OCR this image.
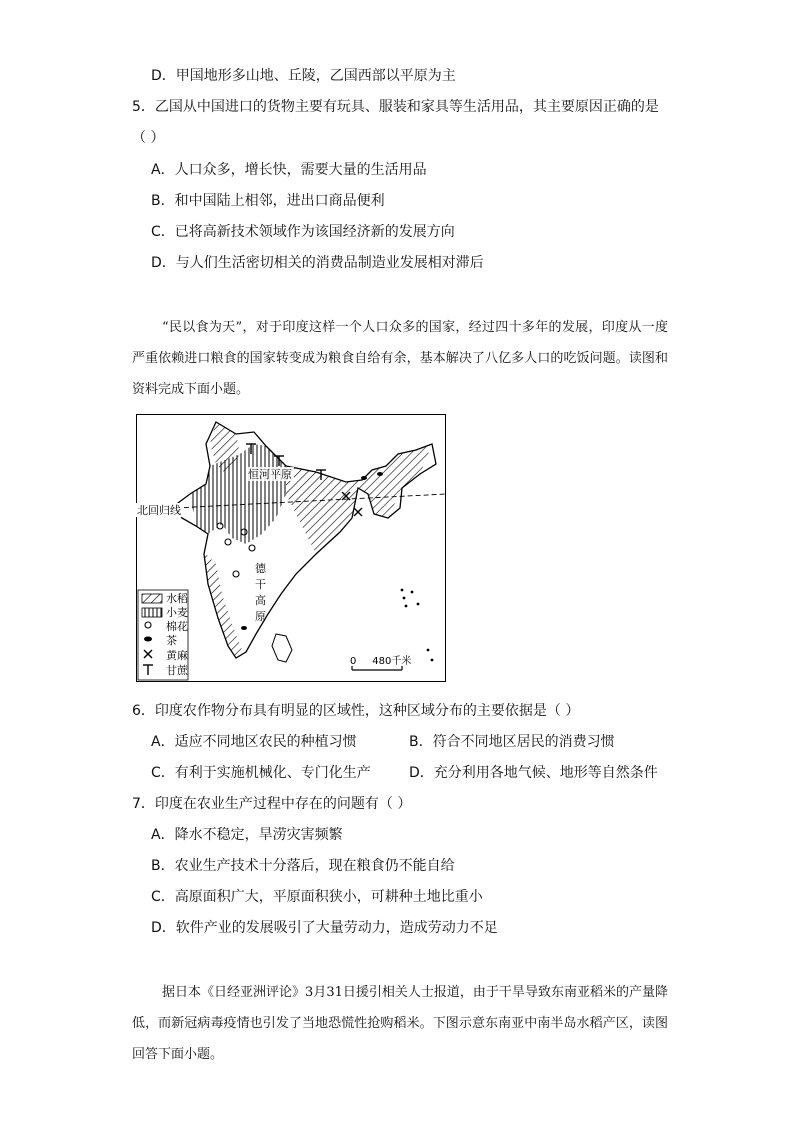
D．甲国地形多山地、丘陵，乙国西部以平原为主
5．乙国从中国进口的货物主要有玩具、服装和家具等生活用品，其主要原因正确的是
（ ）
A．人口众多，增长快，需要大量的生活用品
B．和中国陆上相邻，进出口商品便利
C．已将高新技术领域作为该国经济新的发展方向
D．与人们生活密切相关的消费品制造业发展相对滞后
“民以食为天”，对于印度这样一个人口众多的国家，经过四十多年的发展，印度从一度严重依赖进口粮食的国家转变成为粮食自给有余，基本解决了八亿多人口的吃饭问题。读图和资料完成下面小题。
恒河平原
北回归线
德
干
高
原
0     480千米
水稻
小麦
棉花
茶
黄麻
甘蔗
6．印度农作物分布具有明显的区域性，这种区域分布的主要依据是（ ）
A．适应不同地区农民的种植习惯	B．符合不同地区居民的消费习惯
C．有利于实施机械化、专门化生产	D．充分利用各地气候、地形等自然条件
7．印度在农业生产过程中存在的问题有（ ）
A．降水不稳定，旱涝灾害频繁
B．农业生产技术十分落后，现在粮食仍不能自给
C．高原面积广大，平原面积狭小，可耕种土地比重小
D．软件产业的发展吸引了大量劳动力，造成劳动力不足
据日本《日经亚洲评论》3月31日援引相关人士报道，由于干旱导致东南亚稻米的产量降低，而新冠病毒疫情也引发了当地恐慌性抢购稻米。下图示意东南亚中南半岛水稻产区，读图回答下面小题。
